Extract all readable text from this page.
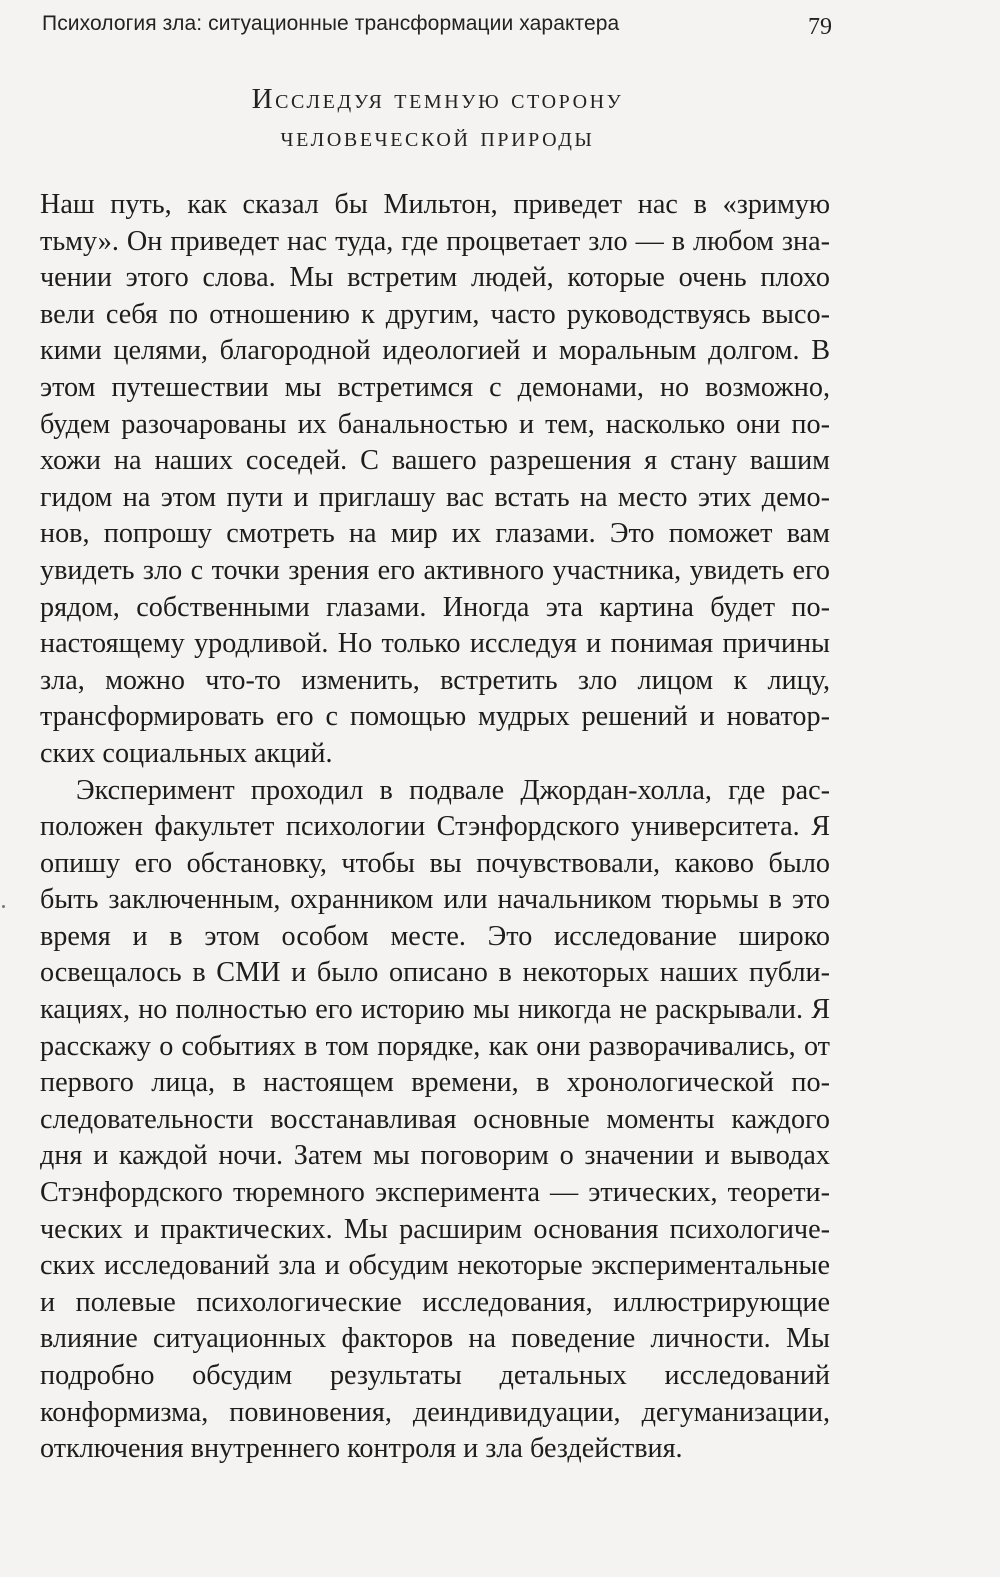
Психология зла: ситуационные трансформации характера	79
Исследуя темную сторону
человеческой природы

Наш путь, как сказал бы Мильтон, приведет нас в «зримую тьму». Он приведет нас туда, где процветает зло — в любом значении этого слова. Мы встретим людей, которые очень плохо вели себя по отношению к другим, часто руководствуясь высокими целями, благородной идеологией и моральным долгом. В этом путешествии мы встретимся с демонами, но возможно, будем разочарованы их банальностью и тем, насколько они похожи на наших соседей. С вашего разрешения я стану вашим гидом на этом пути и приглашу вас встать на место этих демонов, попрошу смотреть на мир их глазами. Это поможет вам увидеть зло с точки зрения его активного участника, увидеть его рядом, собственными глазами. Иногда эта картина будет по-настоящему уродливой. Но только исследуя и понимая причины зла, можно что-то изменить, встретить зло лицом к лицу, трансформировать его с помощью мудрых решений и новаторских социальных акций.

Эксперимент проходил в подвале Джордан-холла, где расположен факультет психологии Стэнфордского университета. Я опишу его обстановку, чтобы вы почувствовали, каково было быть заключенным, охранником или начальником тюрьмы в это время и в этом особом месте. Это исследование широко освещалось в СМИ и было описано в некоторых наших публикациях, но полностью его историю мы никогда не раскрывали. Я расскажу о событиях в том порядке, как они разворачивались, от первого лица, в настоящем времени, в хронологической последовательности восстанавливая основные моменты каждого дня и каждой ночи. Затем мы поговорим о значении и выводах Стэнфордского тюремного эксперимента — этических, теоретических и практических. Мы расширим основания психологических исследований зла и обсудим некоторые экспериментальные и полевые психологические исследования, иллюстрирующие влияние ситуационных факторов на поведение личности. Мы подробно обсудим результаты детальных исследований конформизма, повиновения, деиндивидуации, дегуманизации, отключения внутреннего контроля и зла бездействия.
